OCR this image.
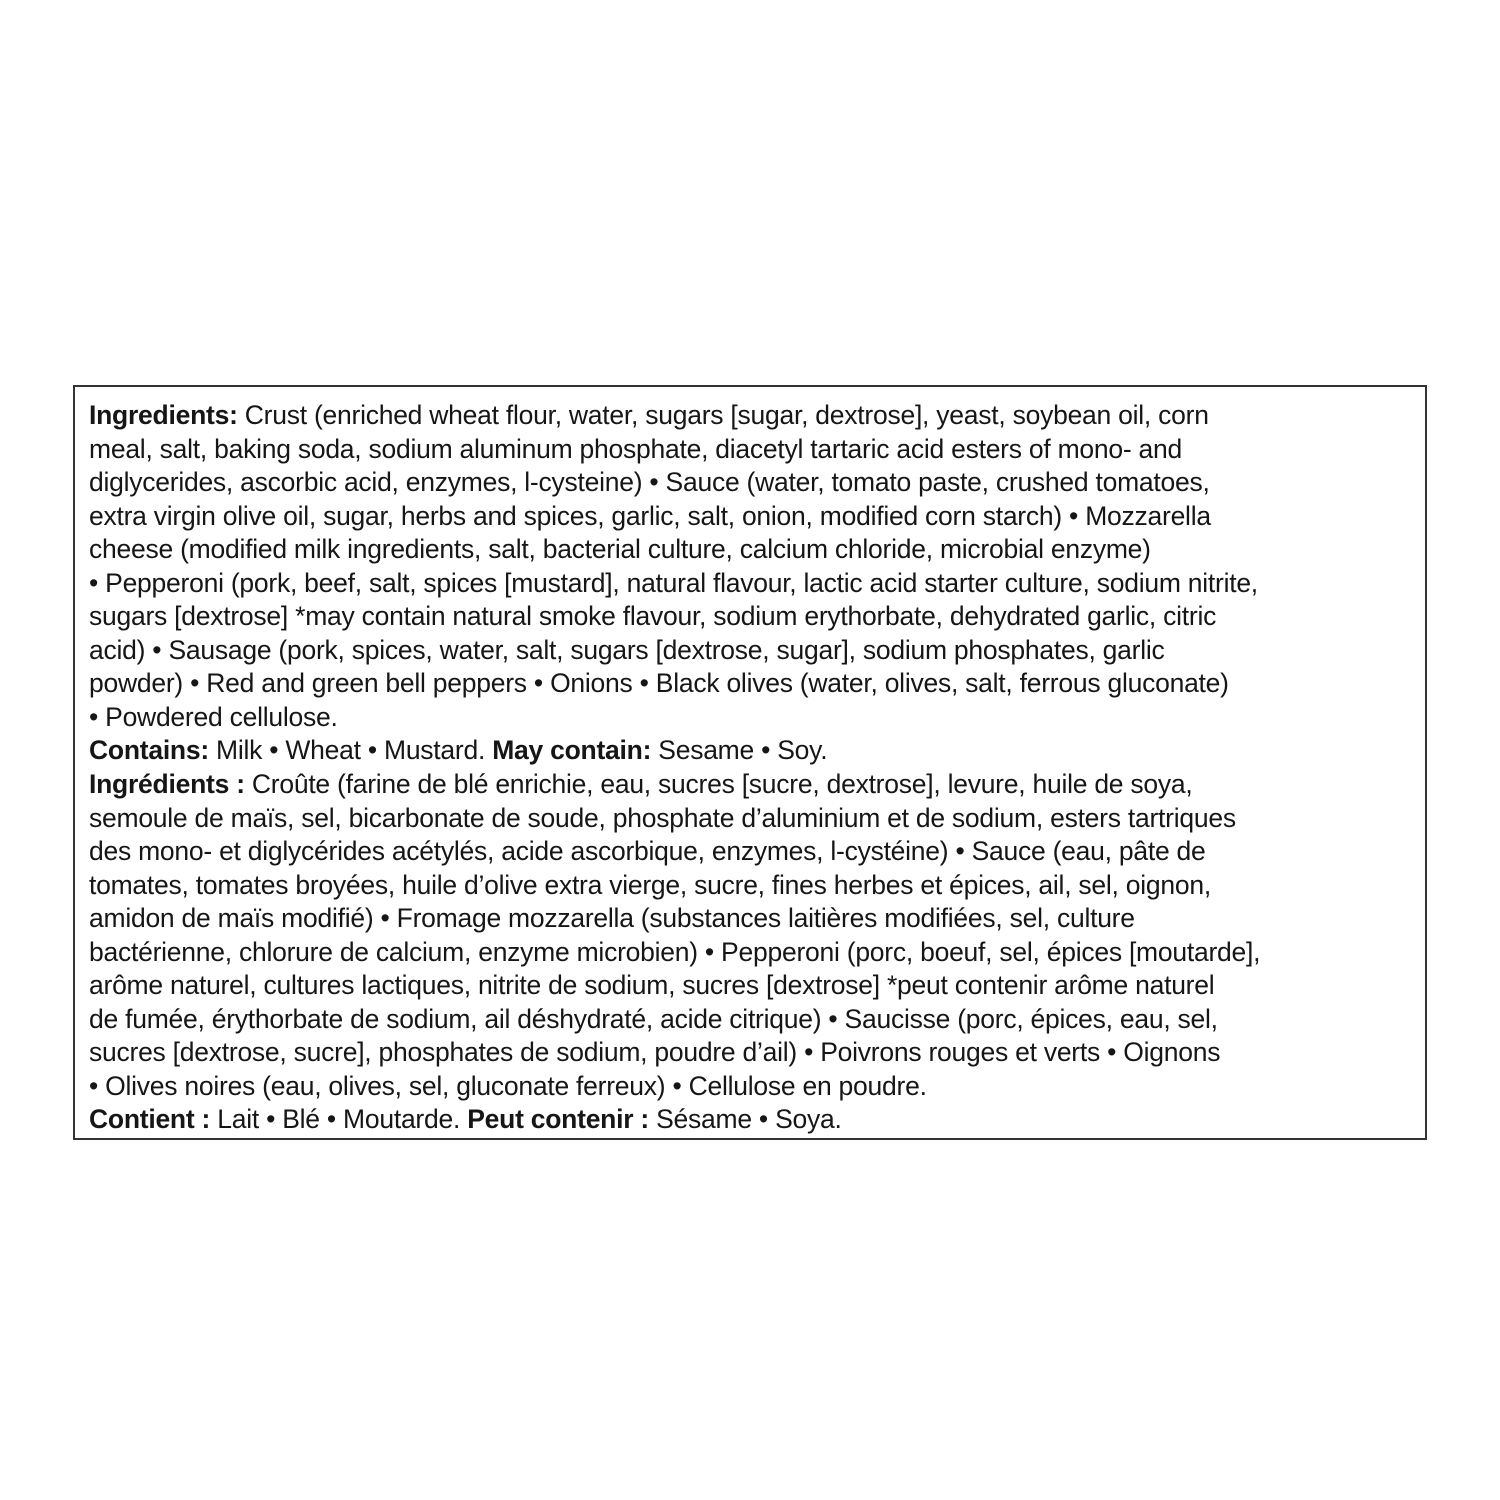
Ingredients: Crust (enriched wheat flour, water, sugars [sugar, dextrose], yeast, soybean oil, corn
meal, salt, baking soda, sodium aluminum phosphate, diacetyl tartaric acid esters of mono- and
diglycerides, ascorbic acid, enzymes, l-cysteine) • Sauce (water, tomato paste, crushed tomatoes,
extra virgin olive oil, sugar, herbs and spices, garlic, salt, onion, modified corn starch) • Mozzarella
cheese (modified milk ingredients, salt, bacterial culture, calcium chloride, microbial enzyme)
• Pepperoni (pork, beef, salt, spices [mustard], natural flavour, lactic acid starter culture, sodium nitrite,
sugars [dextrose] *may contain natural smoke flavour, sodium erythorbate, dehydrated garlic, citric
acid) • Sausage (pork, spices, water, salt, sugars [dextrose, sugar], sodium phosphates, garlic
powder) • Red and green bell peppers • Onions • Black olives (water, olives, salt, ferrous gluconate)
• Powdered cellulose.
Contains: Milk • Wheat • Mustard. May contain: Sesame • Soy.
Ingrédients : Croûte (farine de blé enrichie, eau, sucres [sucre, dextrose], levure, huile de soya,
semoule de maïs, sel, bicarbonate de soude, phosphate d’aluminium et de sodium, esters tartriques
des mono- et diglycérides acétylés, acide ascorbique, enzymes, l-cystéine) • Sauce (eau, pâte de
tomates, tomates broyées, huile d’olive extra vierge, sucre, fines herbes et épices, ail, sel, oignon,
amidon de maïs modifié) • Fromage mozzarella (substances laitières modifiées, sel, culture
bactérienne, chlorure de calcium, enzyme microbien) • Pepperoni (porc, boeuf, sel, épices [moutarde],
arôme naturel, cultures lactiques, nitrite de sodium, sucres [dextrose] *peut contenir arôme naturel
de fumée, érythorbate de sodium, ail déshydraté, acide citrique) • Saucisse (porc, épices, eau, sel,
sucres [dextrose, sucre], phosphates de sodium, poudre d’ail) • Poivrons rouges et verts • Oignons
• Olives noires (eau, olives, sel, gluconate ferreux) • Cellulose en poudre.
Contient : Lait • Blé • Moutarde. Peut contenir : Sésame • Soya.
